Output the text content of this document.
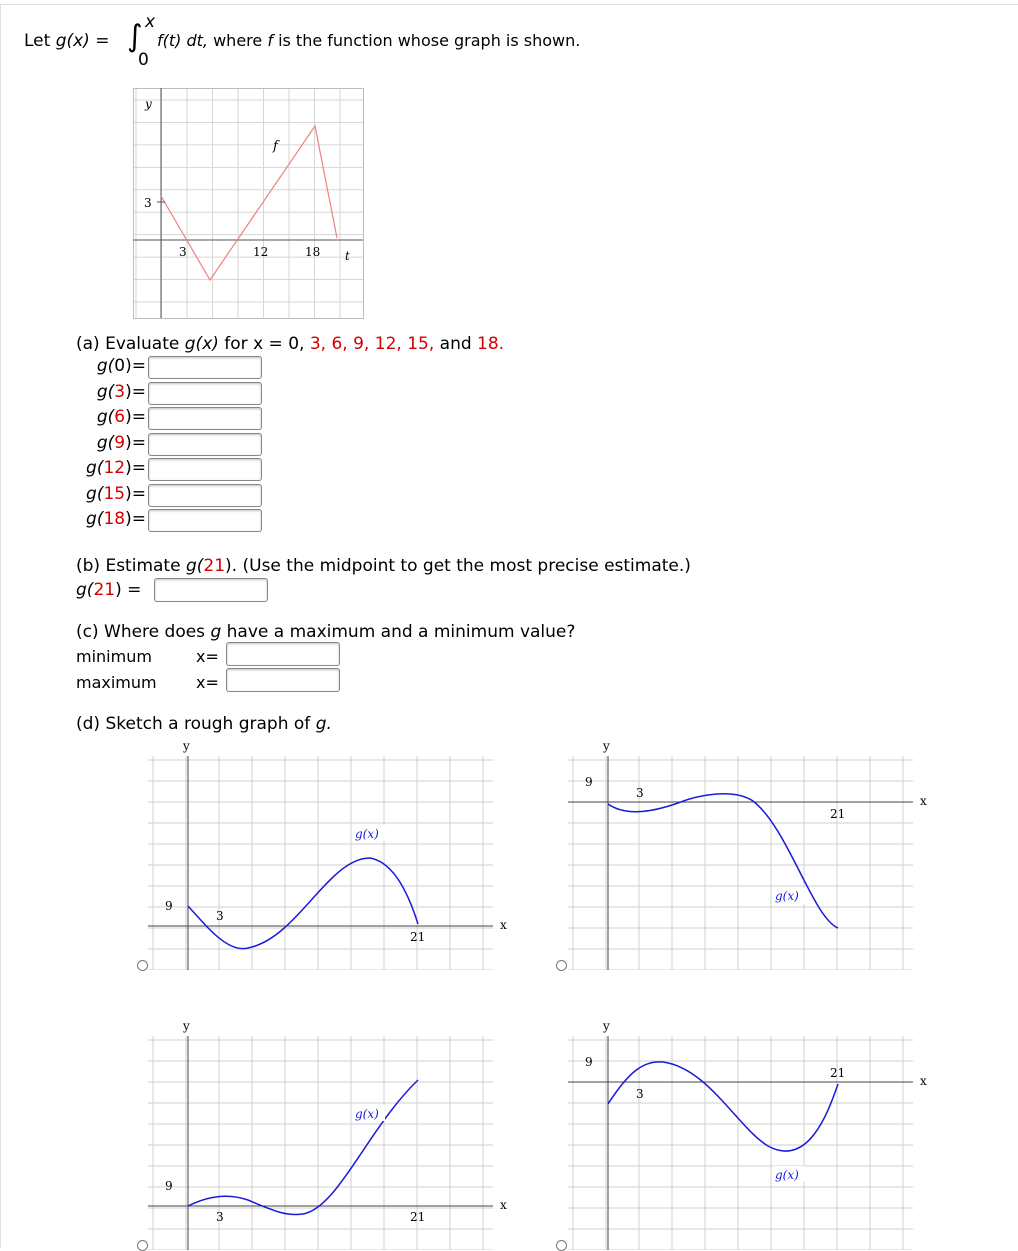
Let g(x) = ∫ x
0
f(t) dt, where f is the function whose graph is shown.
y
t
f
3
3	12	18
(a) Evaluate g(x) for x = 0, 3, 6, 9, 12, 15, and 18.
g(0)=
g(3)=
g(6)=
g(9)=
g(12)=
g(15)=
g(18)=
(b) Estimate g(21). (Use the midpoint to get the most precise estimate.)
g(21) =
(c) Where does g have a maximum and a minimum value?
minimum	x=
maximum x=
(d) Sketch a rough graph of g.
y
x
9
3
21
g(x)
y
x
9
3
21
g(x)
y
x
9
3	21
g(x)
y
x
9
3
21
g(x)
